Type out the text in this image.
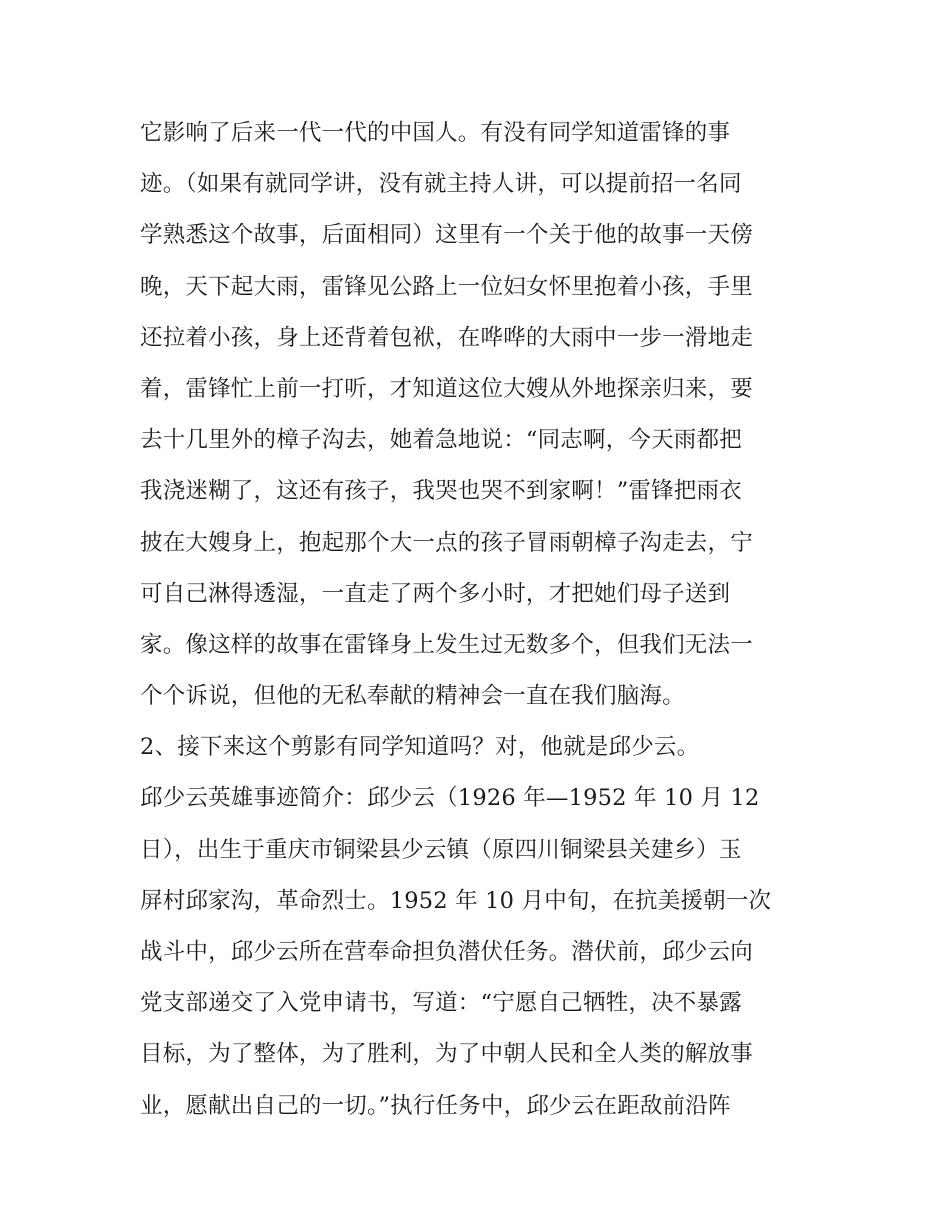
它影响了后来一代一代的中国人。有没有同学知道雷锋的事
迹。（如果有就同学讲，没有就主持人讲，可以提前招一名同
学熟悉这个故事，后面相同）这里有一个关于他的故事一天傍
晚，天下起大雨，雷锋见公路上一位妇女怀里抱着小孩，手里
还拉着小孩，身上还背着包袱，在哗哗的大雨中一步一滑地走
着，雷锋忙上前一打听，才知道这位大嫂从外地探亲归来，要
去十几里外的樟子沟去，她着急地说：“同志啊，今天雨都把
我浇迷糊了，这还有孩子，我哭也哭不到家啊！”雷锋把雨衣
披在大嫂身上，抱起那个大一点的孩子冒雨朝樟子沟走去，宁
可自己淋得透湿，一直走了两个多小时，才把她们母子送到
家。像这样的故事在雷锋身上发生过无数多个，但我们无法一
个个诉说，但他的无私奉献的精神会一直在我们脑海。
2、接下来这个剪影有同学知道吗？对，他就是邱少云。
邱少云英雄事迹简介：邱少云（1926 年—1952 年 10 月 12
日），出生于重庆市铜梁县少云镇（原四川铜梁县关建乡）玉
屏村邱家沟，革命烈士。1952 年 10 月中旬，在抗美援朝一次
战斗中，邱少云所在营奉命担负潜伏任务。潜伏前，邱少云向
党支部递交了入党申请书，写道：“宁愿自己牺牲，决不暴露
目标，为了整体，为了胜利，为了中朝人民和全人类的解放事
业，愿献出自己的一切。”执行任务中，邱少云在距敌前沿阵
